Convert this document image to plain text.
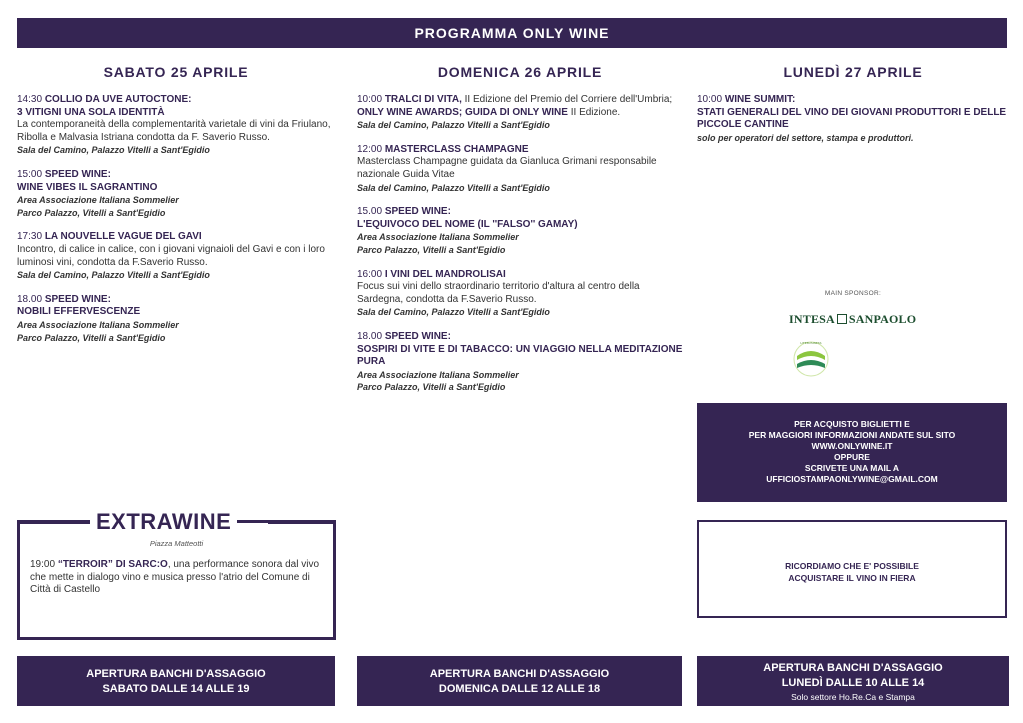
PROGRAMMA ONLY WINE
SABATO 25 APRILE
14:30 COLLIO DA UVE AUTOCTONE:
3 VITIGNI UNA SOLA IDENTITÀ
La contemporaneità della complementarità varietale di vini da Friulano, Ribolla e Malvasia Istriana condotta da F. Saverio Russo.
Sala del Camino, Palazzo Vitelli a Sant'Egidio
15:00 SPEED WINE:
WINE VIBES IL SAGRANTINO
Area Associazione Italiana Sommelier
Parco Palazzo, Vitelli a Sant'Egidio
17:30 LA NOUVELLE VAGUE DEL GAVI
Incontro, di calice in calice, con i giovani vignaioli del Gavi e con i loro luminosi vini, condotta da F.Saverio Russo.
Sala del Camino, Palazzo Vitelli a Sant'Egidio
18.00 SPEED WINE:
NOBILI EFFERVESCENZE
Area Associazione Italiana Sommelier
Parco Palazzo, Vitelli a Sant'Egidio
DOMENICA 26 APRILE
10:00 TRALCI DI VITA, II Edizione del Premio del Corriere dell'Umbria; ONLY WINE AWARDS; GUIDA DI ONLY WINE II Edizione.
Sala del Camino, Palazzo Vitelli a Sant'Egidio
12:00 MASTERCLASS CHAMPAGNE
Masterclass Champagne guidata da Gianluca Grimani responsabile nazionale Guida Vitae
Sala del Camino, Palazzo Vitelli a Sant'Egidio
15.00 SPEED WINE:
L'EQUIVOCO DEL NOME (IL ''FALSO'' GAMAY)
Area Associazione Italiana Sommelier
Parco Palazzo, Vitelli a Sant'Egidio
16:00 I VINI DEL MANDROLISAI
Focus sui vini dello straordinario territorio d'altura al centro della Sardegna, condotta da F.Saverio Russo.
Sala del Camino, Palazzo Vitelli a Sant'Egidio
18.00 SPEED WINE:
SOSPIRI DI VITE E DI TABACCO: UN VIAGGIO NELLA MEDITAZIONE PURA
Area Associazione Italiana Sommelier
Parco Palazzo, Vitelli a Sant'Egidio
LUNEDÌ 27 APRILE
10:00 WINE SUMMIT:
STATI GENERALI DEL VINO DEI GIOVANI PRODUTTORI E DELLE PICCOLE CANTINE
solo per operatori del settore, stampa e produttori.
MAIN SPONSOR:
INTESA SANPAOLO
LIFEBUSINESS
PER ACQUISTO BIGLIETTI E
PER MAGGIORI INFORMAZIONI ANDATE SUL SITO
WWW.ONLYWINE.IT
OPPURE
SCRIVETE UNA MAIL A
UFFICIOSTAMPAONLYWINE@GMAIL.COM
RICORDIAMO CHE E' POSSIBILE
ACQUISTARE IL VINO IN FIERA
EXTRAWINE
Piazza Matteotti
19:00 “TERROIR” DI SARC:O, una performance sonora dal vivo che mette in dialogo vino e musica presso l'atrio del Comune di Città di Castello
APERTURA BANCHI D'ASSAGGIO
SABATO DALLE 14 ALLE 19
APERTURA BANCHI D'ASSAGGIO
DOMENICA DALLE 12 ALLE 18
APERTURA BANCHI D'ASSAGGIO
LUNEDÌ DALLE 10 ALLE 14
Solo settore Ho.Re.Ca e Stampa
